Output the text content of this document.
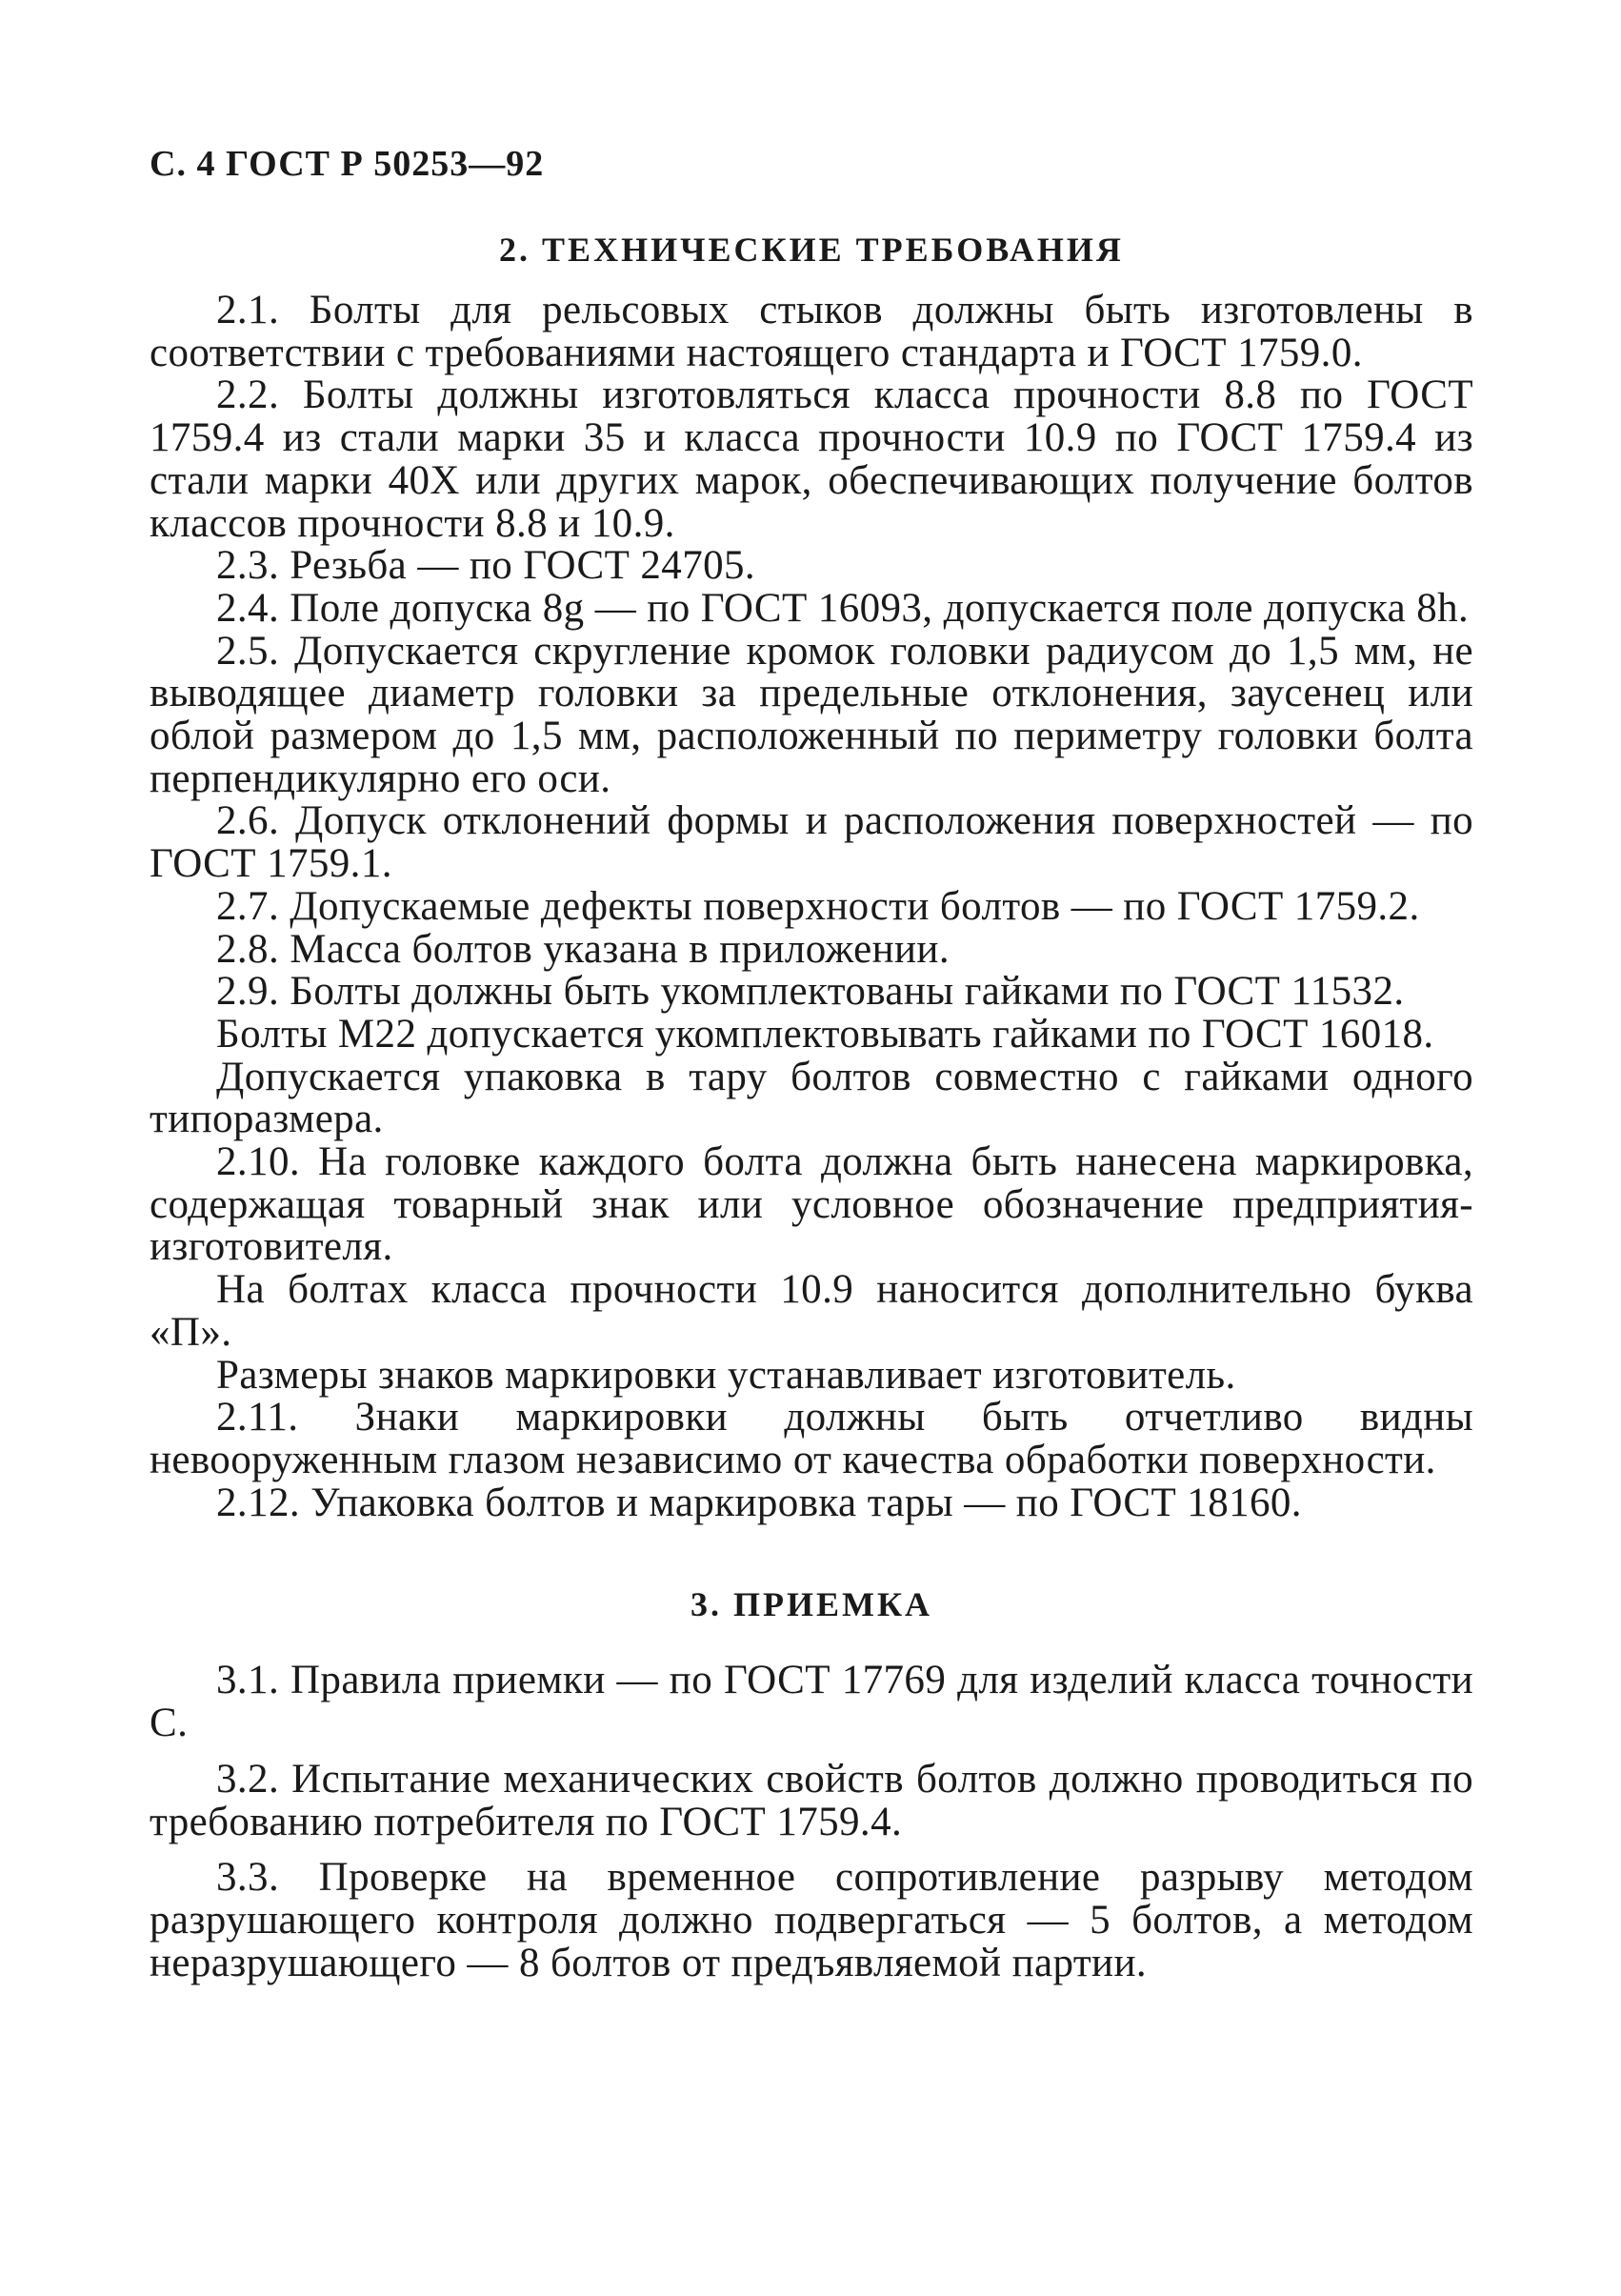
С. 4 ГОСТ Р 50253—92
2. ТЕХНИЧЕСКИЕ ТРЕБОВАНИЯ

2.1. Болты для рельсовых стыков должны быть изготовлены в соответствии с требованиями настоящего стандарта и ГОСТ 1759.0.

2.2. Болты должны изготовляться класса прочности 8.8 по ГОСТ 1759.4 из стали марки 35 и класса прочности 10.9 по ГОСТ 1759.4 из стали марки 40Х или других марок, обеспечивающих получение болтов классов прочности 8.8 и 10.9.

2.3. Резьба — по ГОСТ 24705.

2.4. Поле допуска 8g — по ГОСТ 16093, допускается поле допуска 8h.

2.5. Допускается скругление кромок головки радиусом до 1,5 мм, не выводящее диаметр головки за предельные отклонения, заусенец или облой размером до 1,5 мм, расположенный по периметру головки болта перпендикулярно его оси.

2.6. Допуск отклонений формы и расположения поверхностей — по ГОСТ 1759.1.

2.7. Допускаемые дефекты поверхности болтов — по ГОСТ 1759.2.

2.8. Масса болтов указана в приложении.

2.9. Болты должны быть укомплектованы гайками по ГОСТ 11532.

Болты М22 допускается укомплектовывать гайками по ГОСТ 16018.

Допускается упаковка в тару болтов совместно с гайками одного типоразмера.

2.10. На головке каждого болта должна быть нанесена маркировка, содержащая товарный знак или условное обозначение предприятия-изготовителя.

На болтах класса прочности 10.9 наносится дополнительно буква «П».

Размеры знаков маркировки устанавливает изготовитель.

2.11. Знаки маркировки должны быть отчетливо видны невооруженным глазом независимо от качества обработки поверхности.

2.12. Упаковка болтов и маркировка тары — по ГОСТ 18160.

3. ПРИЕМКА

3.1. Правила приемки — по ГОСТ 17769 для изделий класса точности С.

3.2. Испытание механических свойств болтов должно проводиться по требованию потребителя по ГОСТ 1759.4.

3.3. Проверке на временное сопротивление разрыву методом разрушающего контроля должно подвергаться — 5 болтов, а методом неразрушающего — 8 болтов от предъявляемой партии.
